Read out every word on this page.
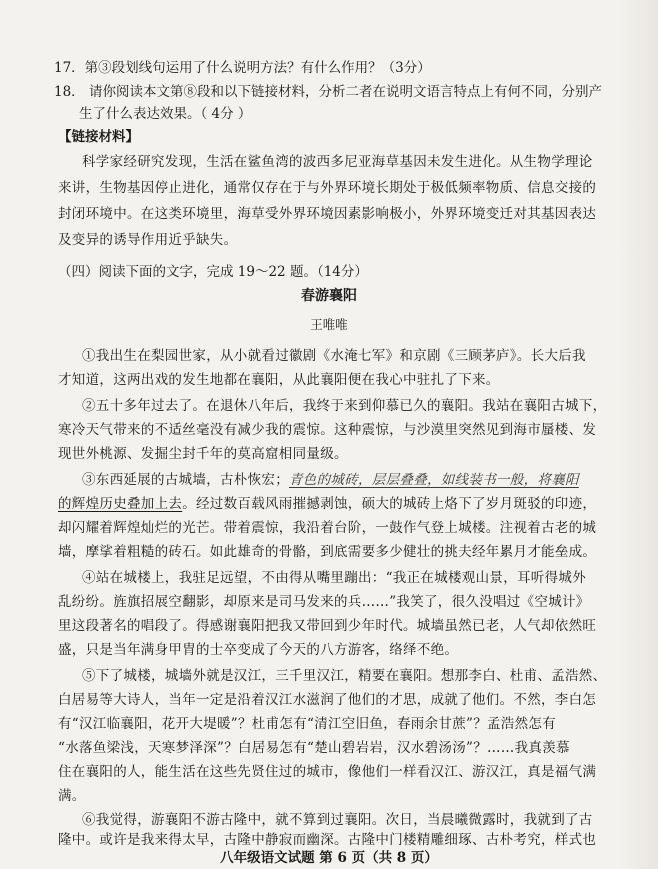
17．第③段划线句运用了什么说明方法？有什么作用？（3分）
18． 请你阅读本文第⑧段和以下链接材料，分析二者在说明文语言特点上有何不同，分别产
生了什么表达效果。（ 4分 ）
【链接材料】
科学家经研究发现，生活在鲨鱼湾的波西多尼亚海草基因未发生进化。从生物学理论
来讲，生物基因停止进化，通常仅存在于与外界环境长期处于极低频率物质、信息交接的
封闭环境中。在这类环境里，海草受外界环境因素影响极小，外界环境变迁对其基因表达
及变异的诱导作用近乎缺失。
（四）阅读下面的文字，完成 19～22 题。（14分）
春游襄阳
王唯唯
①我出生在梨园世家，从小就看过徽剧《水淹七军》和京剧《三顾茅庐》。长大后我
才知道，这两出戏的发生地都在襄阳，从此襄阳便在我心中驻扎了下来。
②五十多年过去了。在退休八年后，我终于来到仰慕已久的襄阳。我站在襄阳古城下，
寒冷天气带来的不适丝毫没有减少我的震惊。这种震惊，与沙漠里突然见到海市蜃楼、发
现世外桃源、发掘尘封千年的莫高窟相同量级。
③东西延展的古城墙，古朴恢宏；青色的城砖，层层叠叠，如线装书一般，将襄阳
的辉煌历史叠加上去。经过数百载风雨摧撼剥蚀，硕大的城砖上烙下了岁月斑驳的印迹，
却闪耀着辉煌灿烂的光芒。带着震惊，我沿着台阶，一鼓作气登上城楼。注视着古老的城
墙，摩挲着粗糙的砖石。如此雄奇的骨骼，到底需要多少健壮的挑夫经年累月才能垒成。
④站在城楼上，我驻足远望，不由得从嘴里蹦出：“我正在城楼观山景，耳听得城外
乱纷纷。旌旗招展空翻影，却原来是司马发来的兵……”我笑了，很久没唱过《空城计》
里这段著名的唱段了。得感谢襄阳把我又带回到少年时代。城墙虽然已老，人气却依然旺
盛，只是当年满身甲胄的士卒变成了今天的八方游客，络绎不绝。
⑤下了城楼，城墙外就是汉江，三千里汉江，精要在襄阳。想那李白、杜甫、孟浩然、
白居易等大诗人，当年一定是沿着汉江水滋润了他们的才思，成就了他们。不然，李白怎
有“汉江临襄阳，花开大堤暖”？杜甫怎有“清江空旧鱼，春雨余甘蔗”？孟浩然怎有
“水落鱼梁浅，天寒梦泽深”？白居易怎有“楚山碧岩岩，汉水碧汤汤”？……我真羡慕
住在襄阳的人，能生活在这些先贤住过的城市，像他们一样看汉江、游汉江，真是福气满
满。
⑥我觉得，游襄阳不游古隆中，就不算到过襄阳。次日，当晨曦微露时，我就到了古
隆中。或许是我来得太早，古隆中静寂而幽深。古隆中门楼精雕细琢、古朴考究，样式也
八年级语文试题 第 6 页（共 8 页）
